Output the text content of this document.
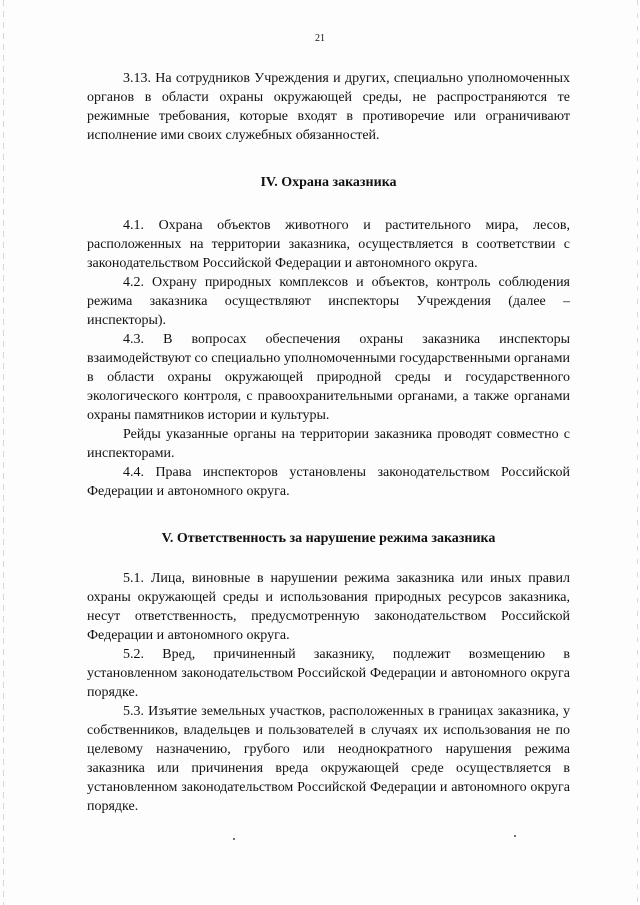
21

3.13. На сотрудников Учреждения и других, специально уполномоченных органов в области охраны окружающей среды, не распространяются те режимные требования, которые входят в противоречие или ограничивают исполнение ими своих служебных обязанностей.

IV. Охрана заказника

4.1. Охрана объектов животного и растительного мира, лесов, расположенных на территории заказника, осуществляется в соответствии с законодательством Российской Федерации и автономного округа.

4.2. Охрану природных комплексов и объектов, контроль соблюдения режима заказника осуществляют инспекторы Учреждения (далее – инспекторы).

4.3. В вопросах обеспечения охраны заказника инспекторы взаимодействуют со специально уполномоченными государственными органами в области охраны окружающей природной среды и государственного экологического контроля, с правоохранительными органами, а также органами охраны памятников истории и культуры.

Рейды указанные органы на территории заказника проводят совместно с инспекторами.

4.4. Права инспекторов установлены законодательством Российской Федерации и автономного округа.

V. Ответственность за нарушение режима заказника

5.1. Лица, виновные в нарушении режима заказника или иных правил охраны окружающей среды и использования природных ресурсов заказника, несут ответственность, предусмотренную законодательством Российской Федерации и автономного округа.

5.2. Вред, причиненный заказнику, подлежит возмещению в установленном законодательством Российской Федерации и автономного округа порядке.

5.3. Изъятие земельных участков, расположенных в границах заказника, у собственников, владельцев и пользователей в случаях их использования не по целевому назначению, грубого или неоднократного нарушения режима заказника или причинения вреда окружающей среде осуществляется в установленном законодательством Российской Федерации и автономного округа порядке.
